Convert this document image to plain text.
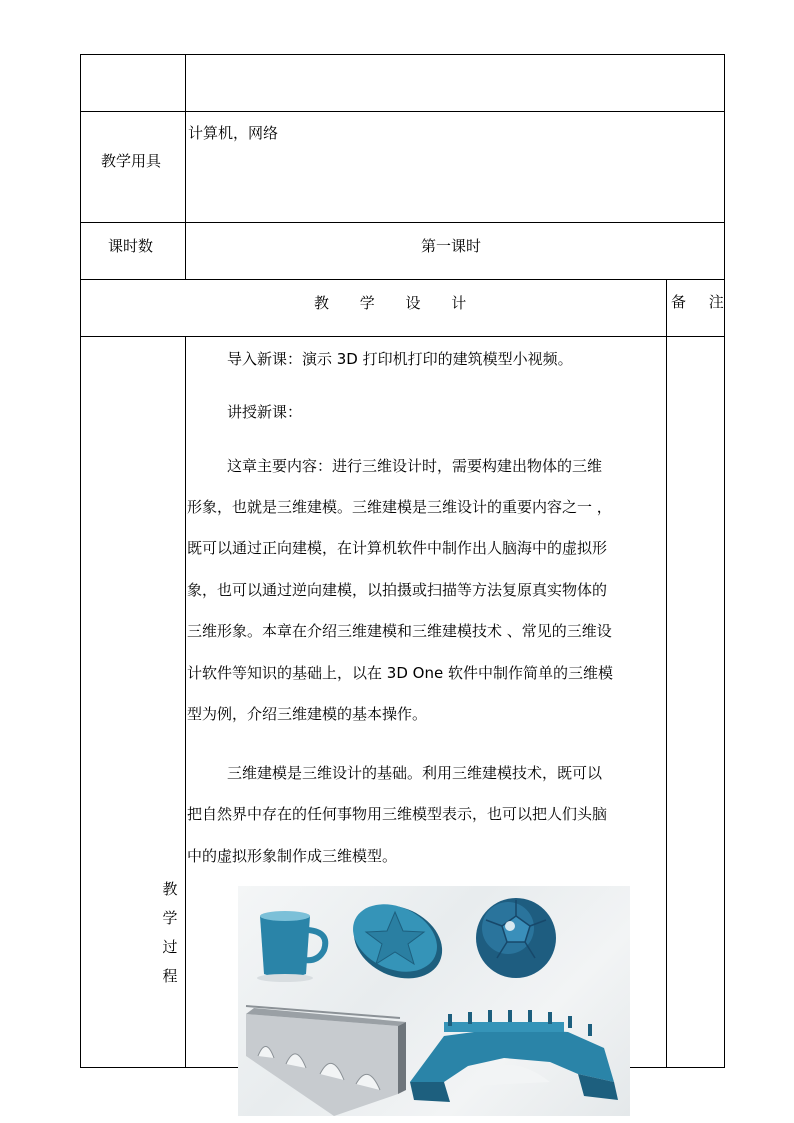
教学用具
计算机，网络
课时数	第一课时
教 学 设 计	备 注
教
学
过
程
导入新课：演示 3D 打印机打印的建筑模型小视频。
讲授新课：
这章主要内容：进行三维设计时，需要构建出物体的三维
形象，也就是三维建模。三维建模是三维设计的重要内容之一 ，
既可以通过正向建模，在计算机软件中制作出人脑海中的虚拟形
象，也可以通过逆向建模，以拍摄或扫描等方法复原真实物体的
三维形象。本章在介绍三维建模和三维建模技术 、常见的三维设
计软件等知识的基础上，以在 3D One 软件中制作简单的三维模
型为例，介绍三维建模的基本操作。
三维建模是三维设计的基础。利用三维建模技术，既可以
把自然界中存在的任何事物用三维模型表示，也可以把人们头脑
中的虚拟形象制作成三维模型。
